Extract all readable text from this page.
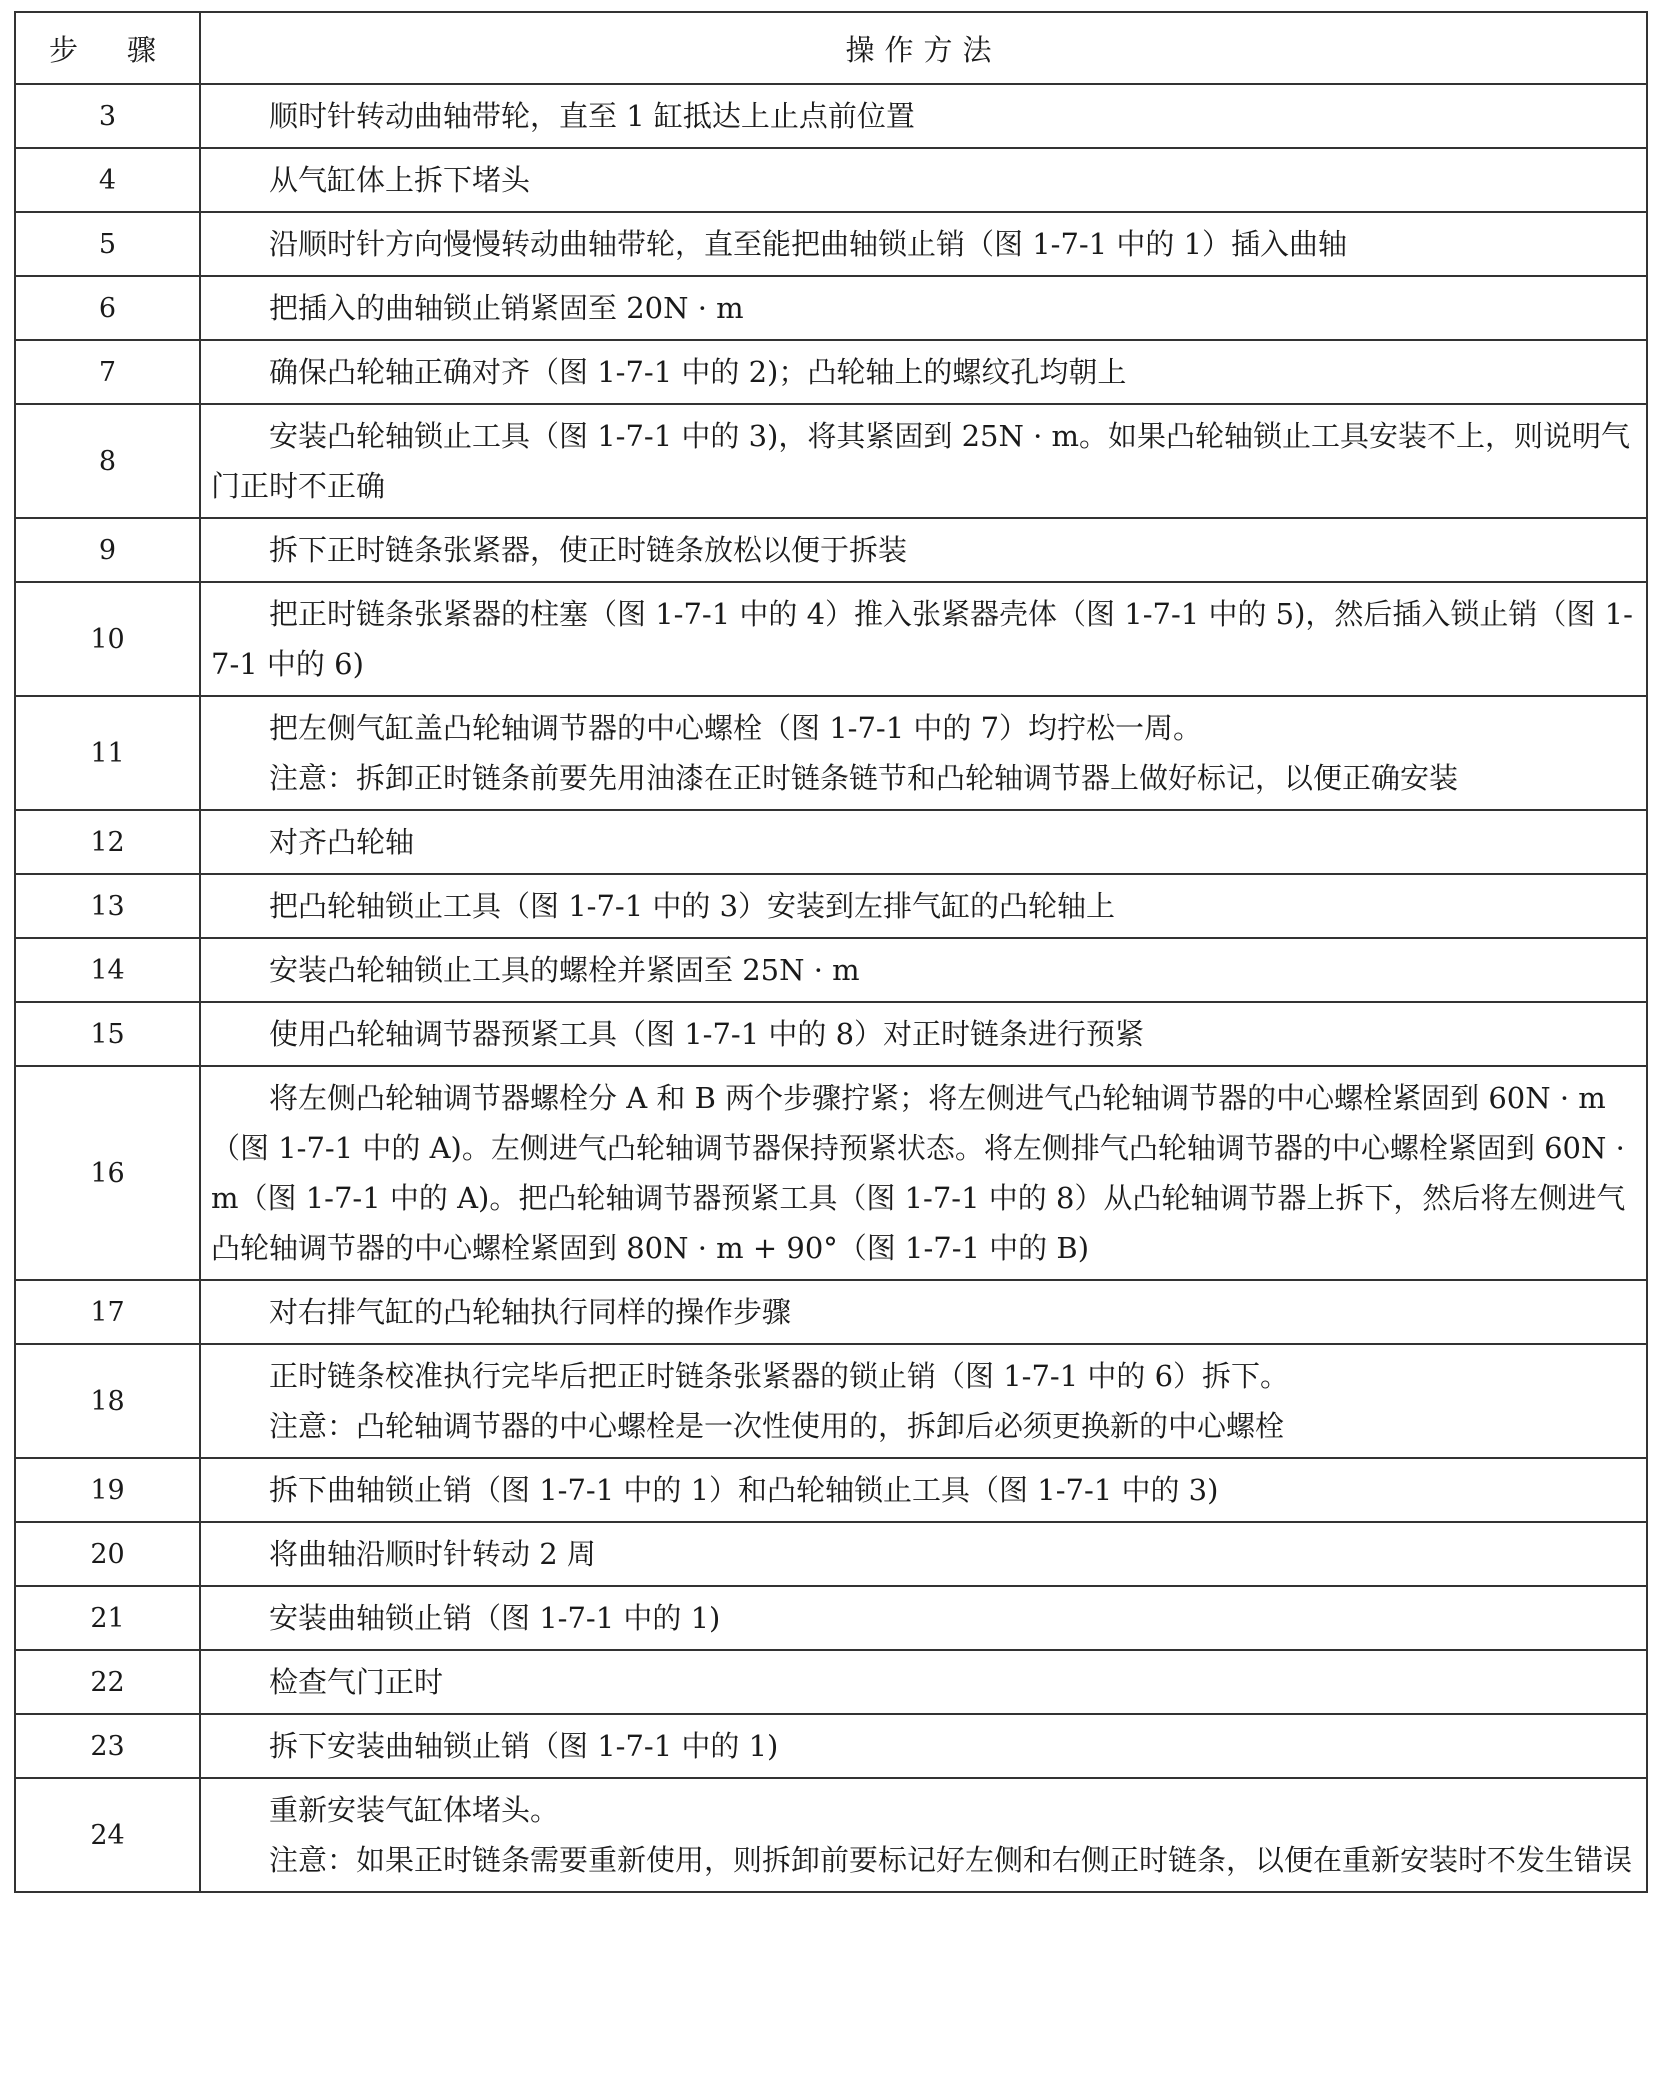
步　骤	操作方法
3	顺时针转动曲轴带轮，直至 1 缸抵达上止点前位置

4	从气缸体上拆下堵头

5	沿顺时针方向慢慢转动曲轴带轮，直至能把曲轴锁止销（图 1-7-1 中的 1）插入曲轴

6	把插入的曲轴锁止销紧固至 20N · m

7	确保凸轮轴正确对齐（图 1-7-1 中的 2)；凸轮轴上的螺纹孔均朝上

8	安装凸轮轴锁止工具（图 1-7-1 中的 3)，将其紧固到 25N · m。如果凸轮轴锁止工具安装不上，则说明气门正时不正确

9	拆下正时链条张紧器，使正时链条放松以便于拆装

10	把正时链条张紧器的柱塞（图 1-7-1 中的 4）推入张紧器壳体（图 1-7-1 中的 5)，然后插入锁止销（图 1-7-1 中的 6)

11	把左侧气缸盖凸轮轴调节器的中心螺栓（图 1-7-1 中的 7）均拧松一周。

注意：拆卸正时链条前要先用油漆在正时链条链节和凸轮轴调节器上做好标记，以便正确安装

12	对齐凸轮轴

13	把凸轮轴锁止工具（图 1-7-1 中的 3）安装到左排气缸的凸轮轴上

14	安装凸轮轴锁止工具的螺栓并紧固至 25N · m

15	使用凸轮轴调节器预紧工具（图 1-7-1 中的 8）对正时链条进行预紧

16	将左侧凸轮轴调节器螺栓分 A 和 B 两个步骤拧紧；将左侧进气凸轮轴调节器的中心螺栓紧固到 60N · m（图 1-7-1 中的 A)。左侧进气凸轮轴调节器保持预紧状态。将左侧排气凸轮轴调节器的中心螺栓紧固到 60N · m（图 1-7-1 中的 A)。把凸轮轴调节器预紧工具（图 1-7-1 中的 8）从凸轮轴调节器上拆下，然后将左侧进气凸轮轴调节器的中心螺栓紧固到 80N · m + 90°（图 1-7-1 中的 B)

17	对右排气缸的凸轮轴执行同样的操作步骤

18	正时链条校准执行完毕后把正时链条张紧器的锁止销（图 1-7-1 中的 6）拆下。

注意：凸轮轴调节器的中心螺栓是一次性使用的，拆卸后必须更换新的中心螺栓

19	拆下曲轴锁止销（图 1-7-1 中的 1）和凸轮轴锁止工具（图 1-7-1 中的 3)

20	将曲轴沿顺时针转动 2 周

21	安装曲轴锁止销（图 1-7-1 中的 1)

22	检查气门正时

23	拆下安装曲轴锁止销（图 1-7-1 中的 1)

24	重新安装气缸体堵头。

注意：如果正时链条需要重新使用，则拆卸前要标记好左侧和右侧正时链条，以便在重新安装时不发生错误
